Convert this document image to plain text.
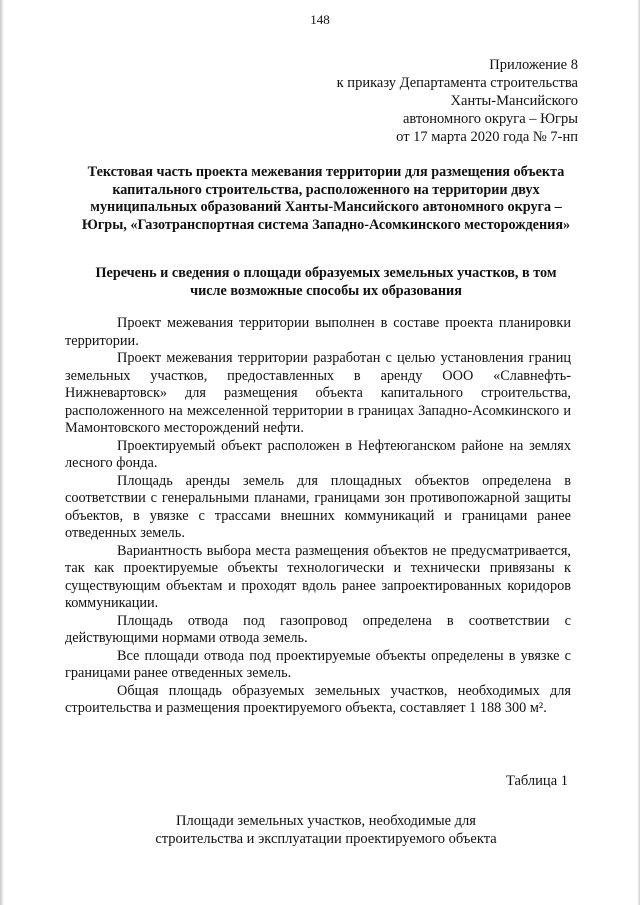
148
Приложение 8
к приказу Департамента строительства
Ханты-Мансийского
автономного округа – Югры
от 17 марта 2020 года № 7-нп
Текстовая часть проекта межевания территории для размещения объекта капитального строительства, расположенного на территории двух муниципальных образований Ханты-Мансийского автономного округа – Югры, «Газотранспортная система Западно-Асомкинского месторождения»
Перечень и сведения о площади образуемых земельных участков, в том числе возможные способы их образования

Проект межевания территории выполнен в составе проекта планировки территории.

Проект межевания территории разработан с целью установления границ земельных участков, предоставленных в аренду ООО «Славнефть-Нижневартовск» для размещения объекта капитального строительства, расположенного на межселенной территории в границах Западно-Асомкинского и Мамонтовского месторождений нефти.

Проектируемый объект расположен в Нефтеюганском районе на землях лесного фонда.

Площадь аренды земель для площадных объектов определена в соответствии с генеральными планами, границами зон противопожарной защиты объектов, в увязке с трассами внешних коммуникаций и границами ранее отведенных земель.

Вариантность выбора места размещения объектов не предусматривается, так как проектируемые объекты технологически и технически привязаны к существующим объектам и проходят вдоль ранее запроектированных коридоров коммуникации.

Площадь отвода под газопровод определена в соответствии с действующими нормами отвода земель.

Все площади отвода под проектируемые объекты определены в увязке с границами ранее отведенных земель.

Общая площадь образуемых земельных участков, необходимых для строительства и размещения проектируемого объекта, составляет 1 188 300 м².

Таблица 1
Площади земельных участков, необходимые для
строительства и эксплуатации проектируемого объекта
